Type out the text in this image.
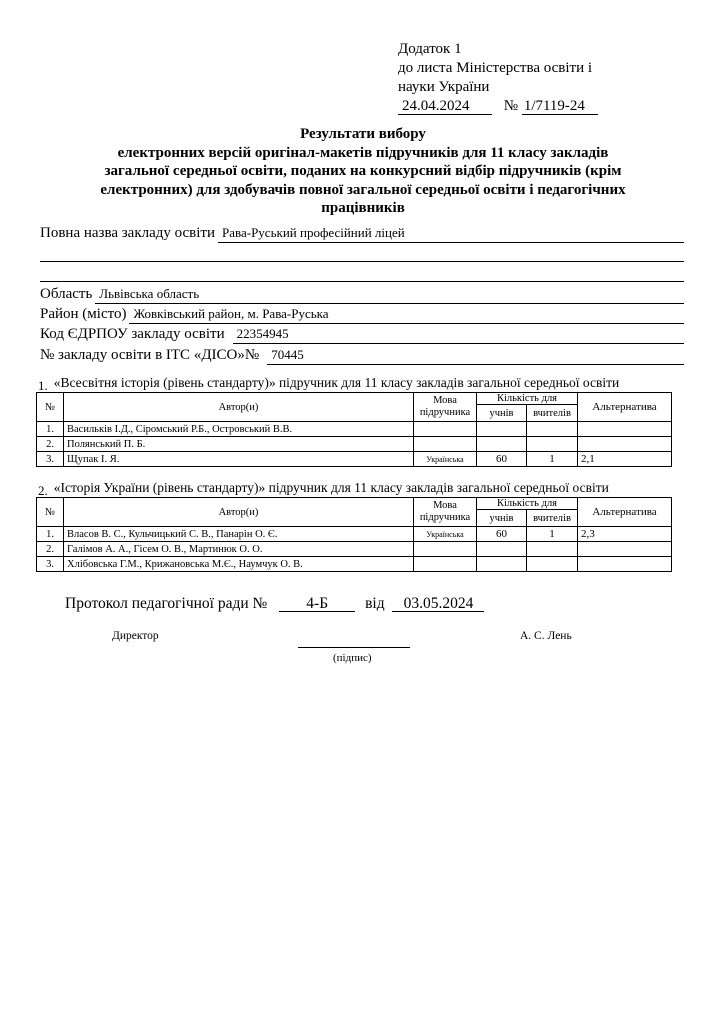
Додаток 1
до листа Міністерства освіти і
науки України
24.04.2024 № 1/7119-24
Результати вибору
електронних версій оригінал-макетів підручників для 11 класу закладів
загальної середньої освіти, поданих на конкурсний відбір підручників (крім
електронних) для здобувачів повної загальної середньої освіти і педагогічних
працівників
Повна назва закладу освіти Рава-Руський професійний ліцей
Область Львівська область
Район (місто) Жовківський район, м. Рава-Руська
Код ЄДРПОУ закладу освіти 22354945
№ закладу освіти в ІТС «ДІСО»№ 70445
1. «Всесвітня історія (рівень стандарту)» підручник для 11 класу закладів загальної середньої освіти
№	Автор(и)	Мова
підручника	Кількість для		Альтернатива
			учнів	вчителів	
1.	Васильків І.Д., Сіромський Р.Б., Островський В.В.				
2.	Полянський П. Б.				
3.	Щупак І. Я.	Українська	60	1	2,1
2. «Історія України (рівень стандарту)» підручник для 11 класу закладів загальної середньої освіти
№	Автор(и)	Мова
підручника	Кількість для		Альтернатива
			учнів	вчителів	
1.	Власов В. С., Кульчицький С. В., Панарін О. Є.	Українська	60	1	2,3
2.	Галімов А. А., Гісем О. В., Мартинюк О. О.				
3.	Хлібовська Г.М., Крижановська М.Є., Наумчук О. В.				
Протокол педагогічної ради №	4-Б від 03.05.2024
Директор
(підпис)
А. С. Лень
